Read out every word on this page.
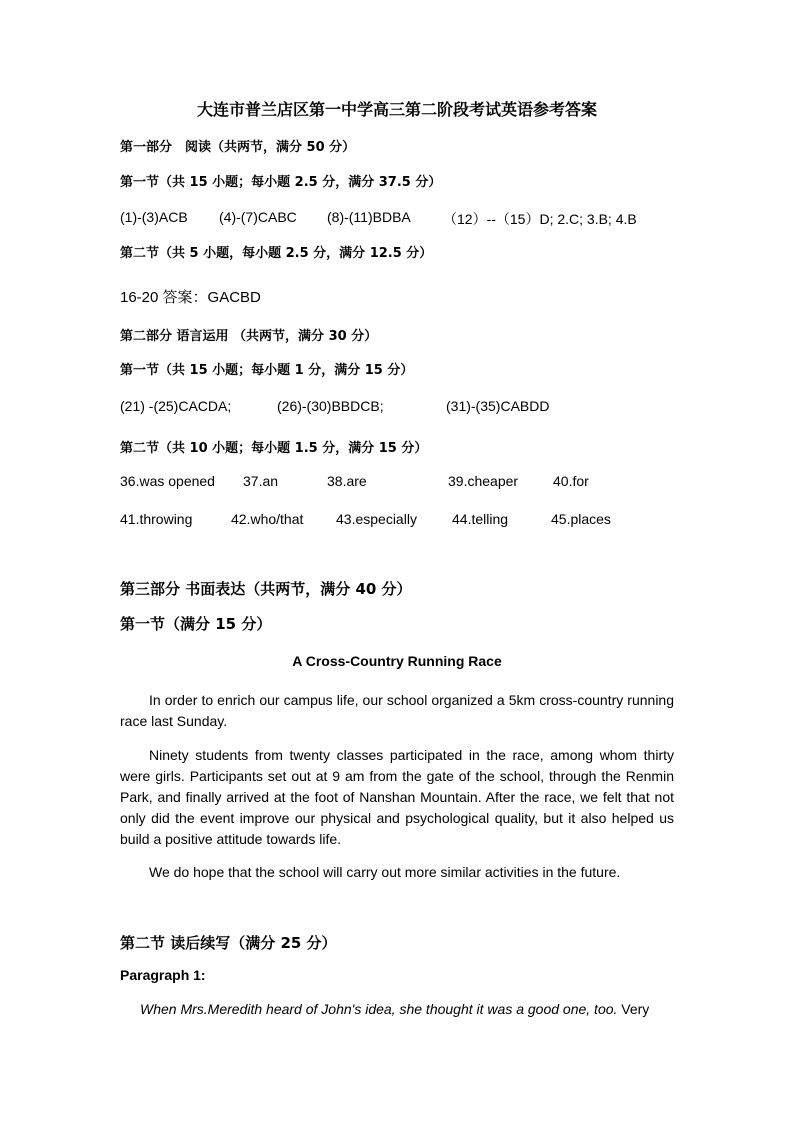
大连市普兰店区第一中学高三第二阶段考试英语参考答案
第一部分　阅读（共两节，满分 50 分）
第一节（共 15 小题；每小题 2.5 分，满分 37.5 分）
(1)-(3)ACB (4)-(7)CABC (8)-(11)BDBA （12）--（15）D; 2.C; 3.B; 4.B
第二节（共 5 小题，每小题 2.5 分，满分 12.5 分）
16-20 答案：GACBD
第二部分 语言运用 （共两节，满分 30 分）
第一节（共 15 小题；每小题 1 分，满分 15 分）
(21) -(25)CACDA;	(26)-(30)BBDCB;	(31)-(35)CABDD
第二节（共 10 小题；每小题 1.5 分，满分 15 分）
36.was opened 37.an	38.are	39.cheaper 40.for
41.throwing	42.who/that 43.especially	44.telling	45.places
第三部分 书面表达（共两节，满分 40 分）
第一节（满分 15 分）
A Cross-Country Running Race
In order to enrich our campus life, our school organized a 5km cross-country running race last Sunday.
Ninety students from twenty classes participated in the race, among whom thirty were girls. Participants set out at 9 am from the gate of the school, through the Renmin Park, and finally arrived at the foot of Nanshan Mountain. After the race, we felt that not only did the event improve our physical and psychological quality, but it also helped us build a positive attitude towards life.
We do hope that the school will carry out more similar activities in the future.
第二节 读后续写（满分 25 分）
Paragraph 1:
When Mrs.Meredith heard of John's idea, she thought it was a good one, too. Very
